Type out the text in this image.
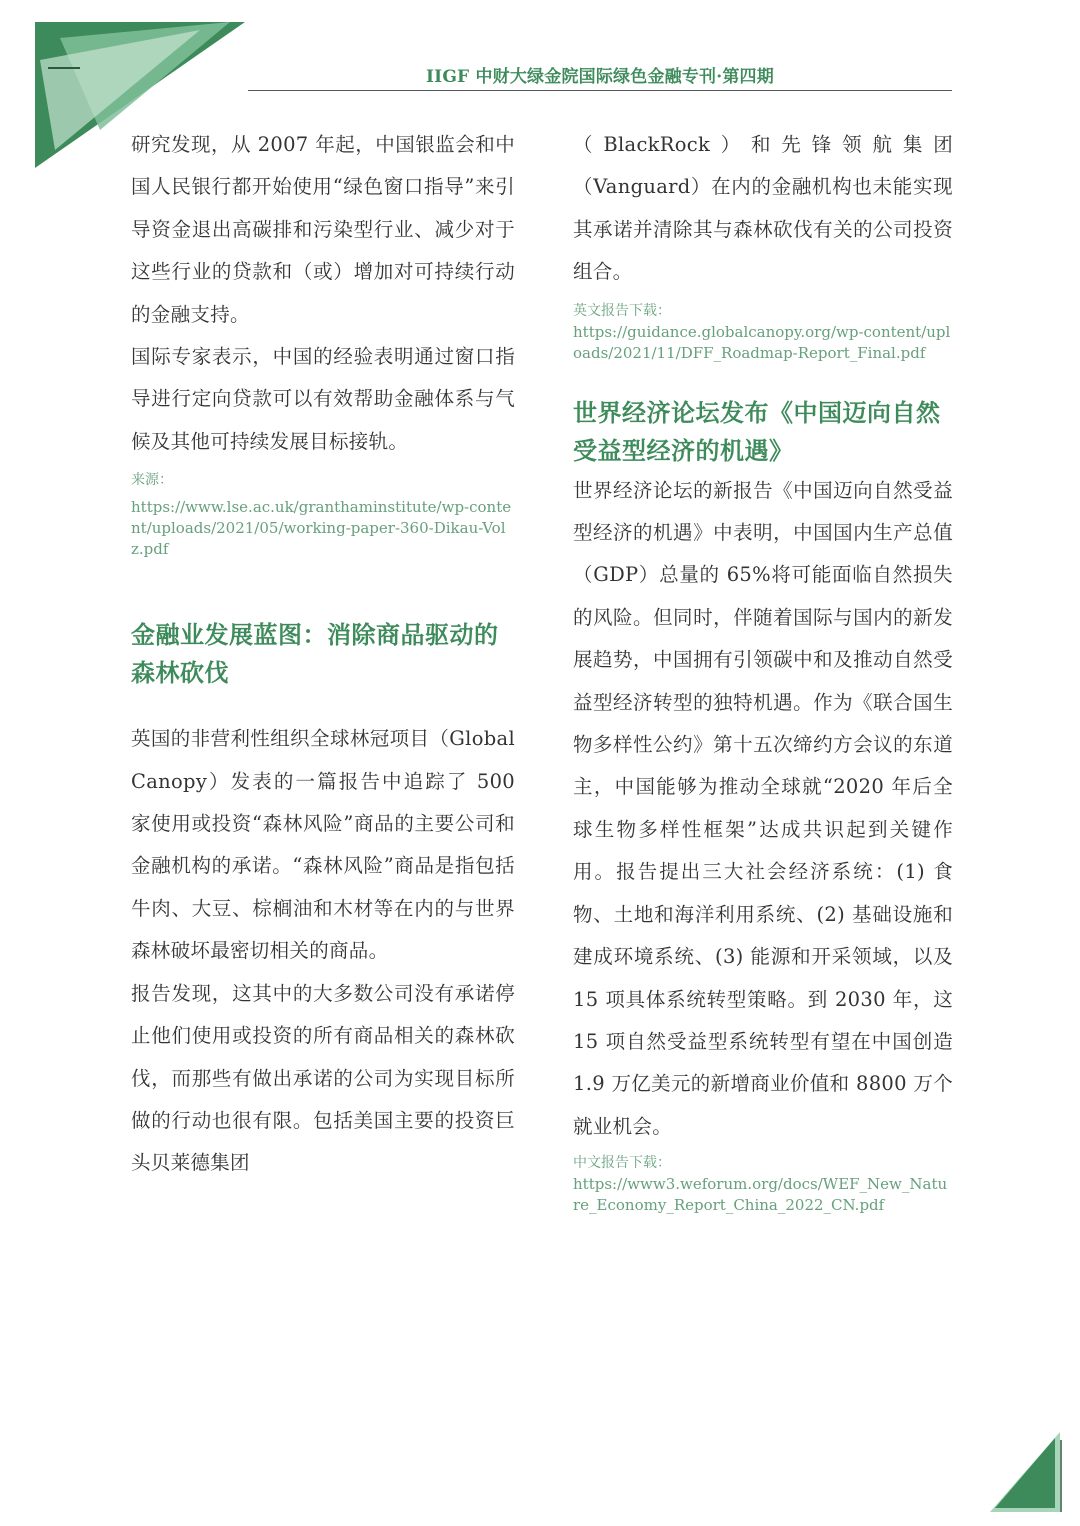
IIGF 中财大绿金院国际绿色金融专刊·第四期

研究发现，从 2007 年起，中国银监会和中国人民银行都开始使用“绿色窗口指导”来引导资金退出高碳排和污染型行业、减少对于这些行业的贷款和（或）增加对可持续行动的金融支持。

国际专家表示，中国的经验表明通过窗口指导进行定向贷款可以有效帮助金融体系与气候及其他可持续发展目标接轨。

来源：

https://www.lse.ac.uk/granthaminstitute/wp-content/uploads/2021/05/working-paper-360-Dikau-Volz.pdf

金融业发展蓝图：消除商品驱动的森林砍伐

英国的非营利性组织全球林冠项目（Global Canopy）发表的一篇报告中追踪了 500 家使用或投资“森林风险”商品的主要公司和金融机构的承诺。“森林风险”商品是指包括牛肉、大豆、棕榈油和木材等在内的与世界森林破坏最密切相关的商品。

报告发现，这其中的大多数公司没有承诺停止他们使用或投资的所有商品相关的森林砍伐，而那些有做出承诺的公司为实现目标所做的行动也很有限。包括美国主要的投资巨头贝莱德集团

（BlackRock）和先锋领航集团（Vanguard）在内的金融机构也未能实现其承诺并清除其与森林砍伐有关的公司投资组合。

英文报告下载：

https://guidance.globalcanopy.org/wp-content/uploads/2021/11/DFF_Roadmap-Report_Final.pdf

世界经济论坛发布《中国迈向自然受益型经济的机遇》

世界经济论坛的新报告《中国迈向自然受益型经济的机遇》中表明，中国国内生产总值（GDP）总量的 65%将可能面临自然损失的风险。但同时，伴随着国际与国内的新发展趋势，中国拥有引领碳中和及推动自然受益型经济转型的独特机遇。作为《联合国生物多样性公约》第十五次缔约方会议的东道主，中国能够为推动全球就“2020 年后全球生物多样性框架”达成共识起到关键作用。报告提出三大社会经济系统：(1) 食物、土地和海洋利用系统、(2) 基础设施和建成环境系统、(3) 能源和开采领域，以及 15 项具体系统转型策略。到 2030 年，这 15 项自然受益型系统转型有望在中国创造 1.9 万亿美元的新增商业价值和 8800 万个就业机会。

中文报告下载：

https://www3.weforum.org/docs/WEF_New_Nature_Economy_Report_China_2022_CN.pdf
